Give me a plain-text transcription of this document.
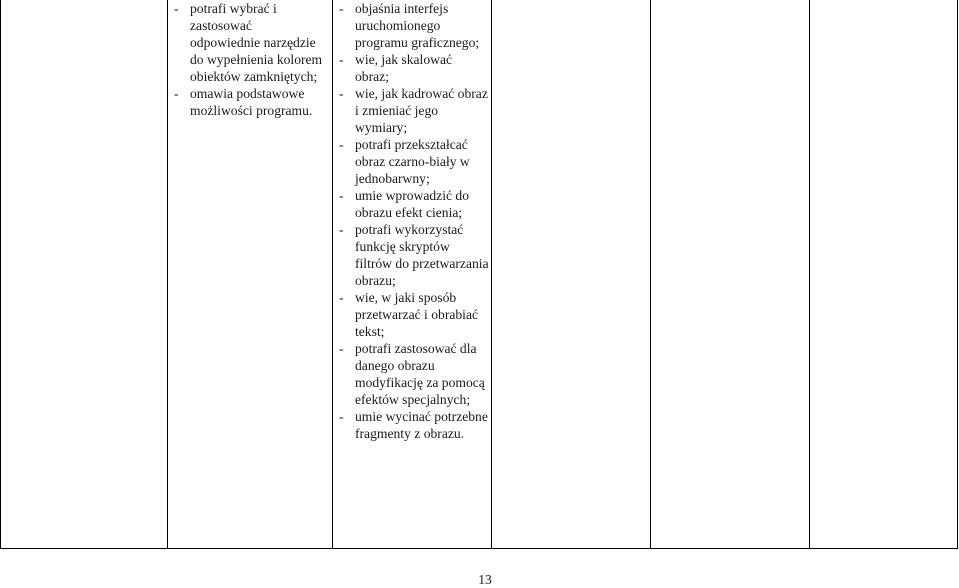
- potrafi wybrać i zastosować odpowiednie narzędzie do wypełnienia kolorem obiektów zamkniętych;
- omawia podstawowe możliwości programu.
- objaśnia interfejs uruchomionego programu graficznego;
- wie, jak skalować obraz;
- wie, jak kadrować obraz i zmieniać jego wymiary;
- potrafi przekształcać obraz czarno-biały w jednobarwny;
- umie wprowadzić do obrazu efekt cienia;
- potrafi wykorzystać funkcję skryptów filtrów do przetwarzania obrazu;
- wie, w jaki sposób przetwarzać i obrabiać tekst;
- potrafi zastosować dla danego obrazu modyfikację za pomocą efektów specjalnych;
- umie wycinać potrzebne fragmenty z obrazu.
13
